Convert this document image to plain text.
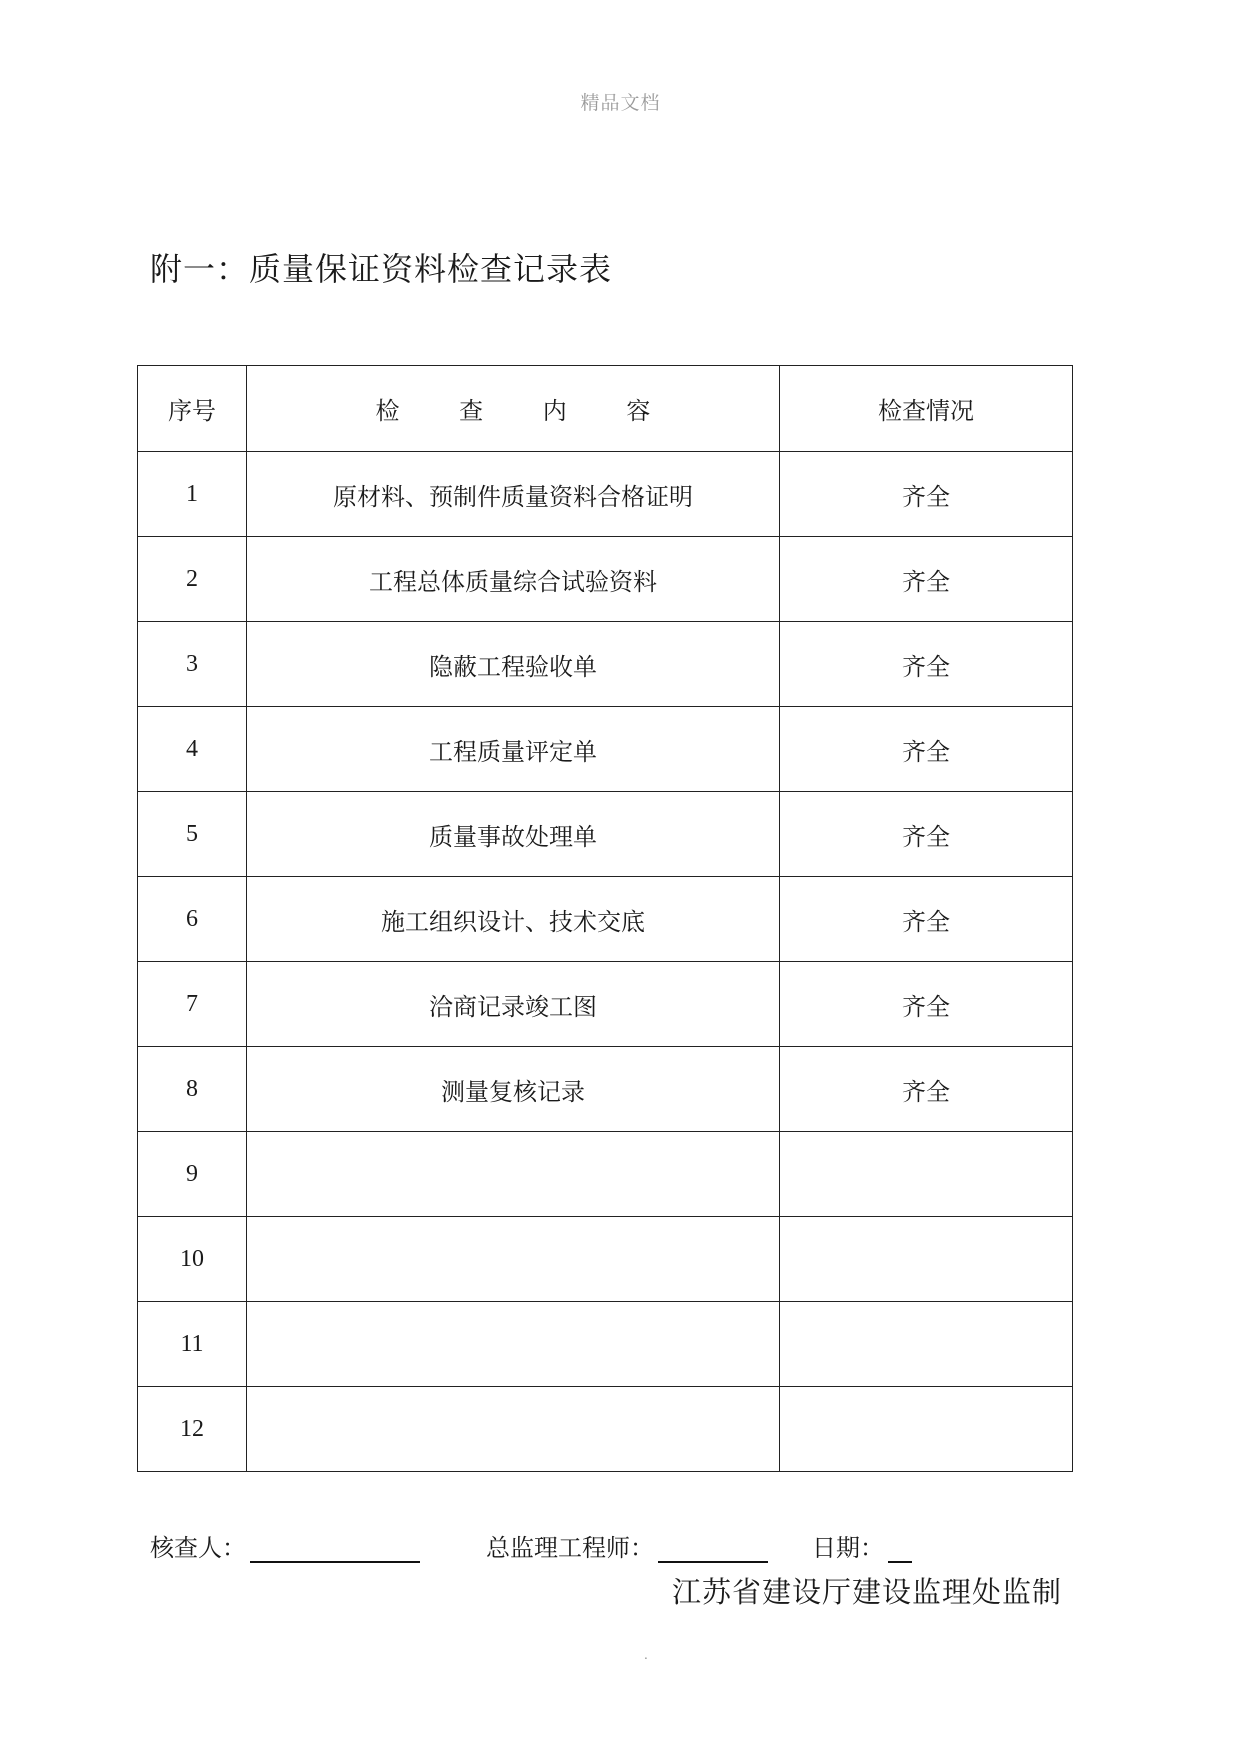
精品文档
附一：质量保证资料检查记录表
序号	检 查 内 容	检查情况
1	原材料、预制件质量资料合格证明	齐全
2	工程总体质量综合试验资料	齐全
3	隐蔽工程验收单	齐全
4	工程质量评定单	齐全
5	质量事故处理单	齐全
6	施工组织设计、技术交底	齐全
7	洽商记录竣工图	齐全
8	测量复核记录	齐全
9		
10		
11		
12		
核查人：	总监理工程师：	日期：
江苏省建设厅建设监理处监制
.
